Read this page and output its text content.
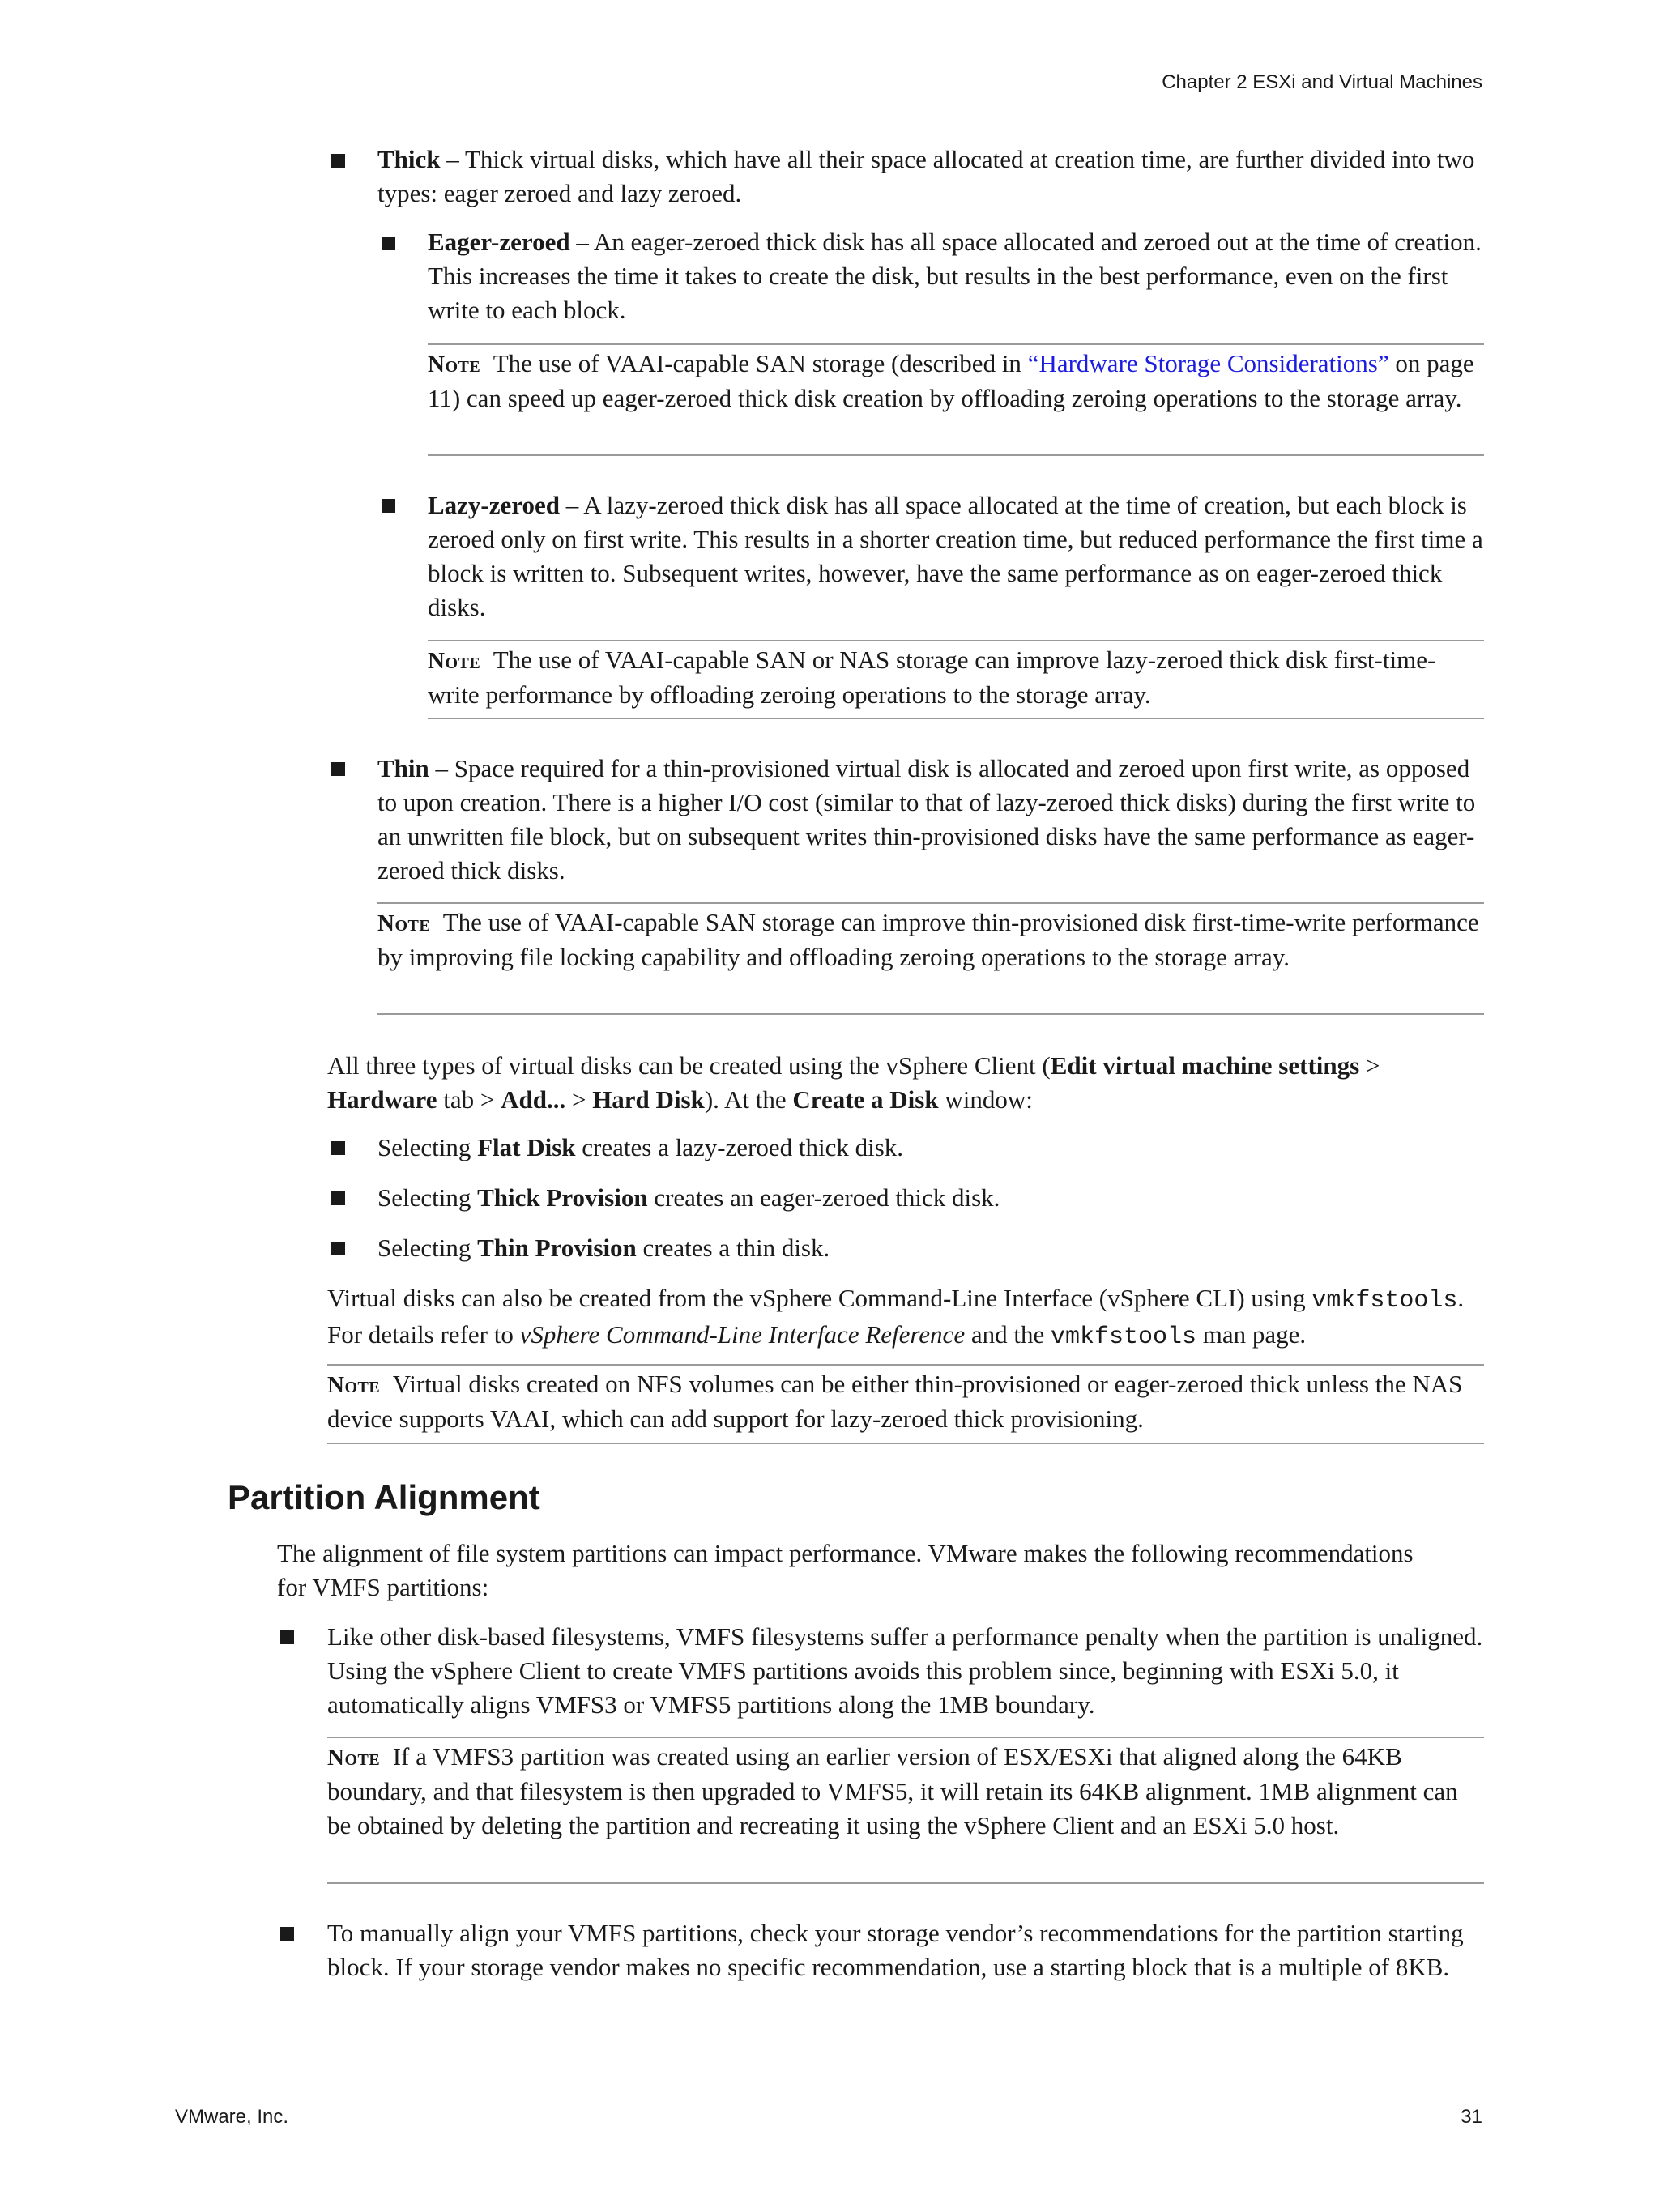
Chapter 2 ESXi and Virtual Machines

Thick – Thick virtual disks, which have all their space allocated at creation time, are further divided into two types: eager zeroed and lazy zeroed.

Eager-zeroed – An eager-zeroed thick disk has all space allocated and zeroed out at the time of creation. This increases the time it takes to create the disk, but results in the best performance, even on the first write to each block.

Note The use of VAAI-capable SAN storage (described in “Hardware Storage Considerations” on page 11) can speed up eager-zeroed thick disk creation by offloading zeroing operations to the storage array.

Lazy-zeroed – A lazy-zeroed thick disk has all space allocated at the time of creation, but each block is zeroed only on first write. This results in a shorter creation time, but reduced performance the first time a block is written to. Subsequent writes, however, have the same performance as on eager-zeroed thick disks.

Note The use of VAAI-capable SAN or NAS storage can improve lazy-zeroed thick disk first-time-write performance by offloading zeroing operations to the storage array.

Thin – Space required for a thin-provisioned virtual disk is allocated and zeroed upon first write, as opposed to upon creation. There is a higher I/O cost (similar to that of lazy-zeroed thick disks) during the first write to an unwritten file block, but on subsequent writes thin-provisioned disks have the same performance as eager-zeroed thick disks.

Note The use of VAAI-capable SAN storage can improve thin-provisioned disk first-time-write performance by improving file locking capability and offloading zeroing operations to the storage array.

All three types of virtual disks can be created using the vSphere Client (Edit virtual machine settings > Hardware tab > Add... > Hard Disk). At the Create a Disk window:

Selecting Flat Disk creates a lazy-zeroed thick disk.

Selecting Thick Provision creates an eager-zeroed thick disk.

Selecting Thin Provision creates a thin disk.

Virtual disks can also be created from the vSphere Command-Line Interface (vSphere CLI) using vmkfstools. For details refer to vSphere Command-Line Interface Reference and the vmkfstools man page.

Note Virtual disks created on NFS volumes can be either thin-provisioned or eager-zeroed thick unless the NAS device supports VAAI, which can add support for lazy-zeroed thick provisioning.

Partition Alignment

The alignment of file system partitions can impact performance. VMware makes the following recommendations for VMFS partitions:

Like other disk-based filesystems, VMFS filesystems suffer a performance penalty when the partition is unaligned. Using the vSphere Client to create VMFS partitions avoids this problem since, beginning with ESXi 5.0, it automatically aligns VMFS3 or VMFS5 partitions along the 1MB boundary.

Note If a VMFS3 partition was created using an earlier version of ESX/ESXi that aligned along the 64KB boundary, and that filesystem is then upgraded to VMFS5, it will retain its 64KB alignment. 1MB alignment can be obtained by deleting the partition and recreating it using the vSphere Client and an ESXi 5.0 host.

To manually align your VMFS partitions, check your storage vendor’s recommendations for the partition starting block. If your storage vendor makes no specific recommendation, use a starting block that is a multiple of 8KB.

VMware, Inc.	31
